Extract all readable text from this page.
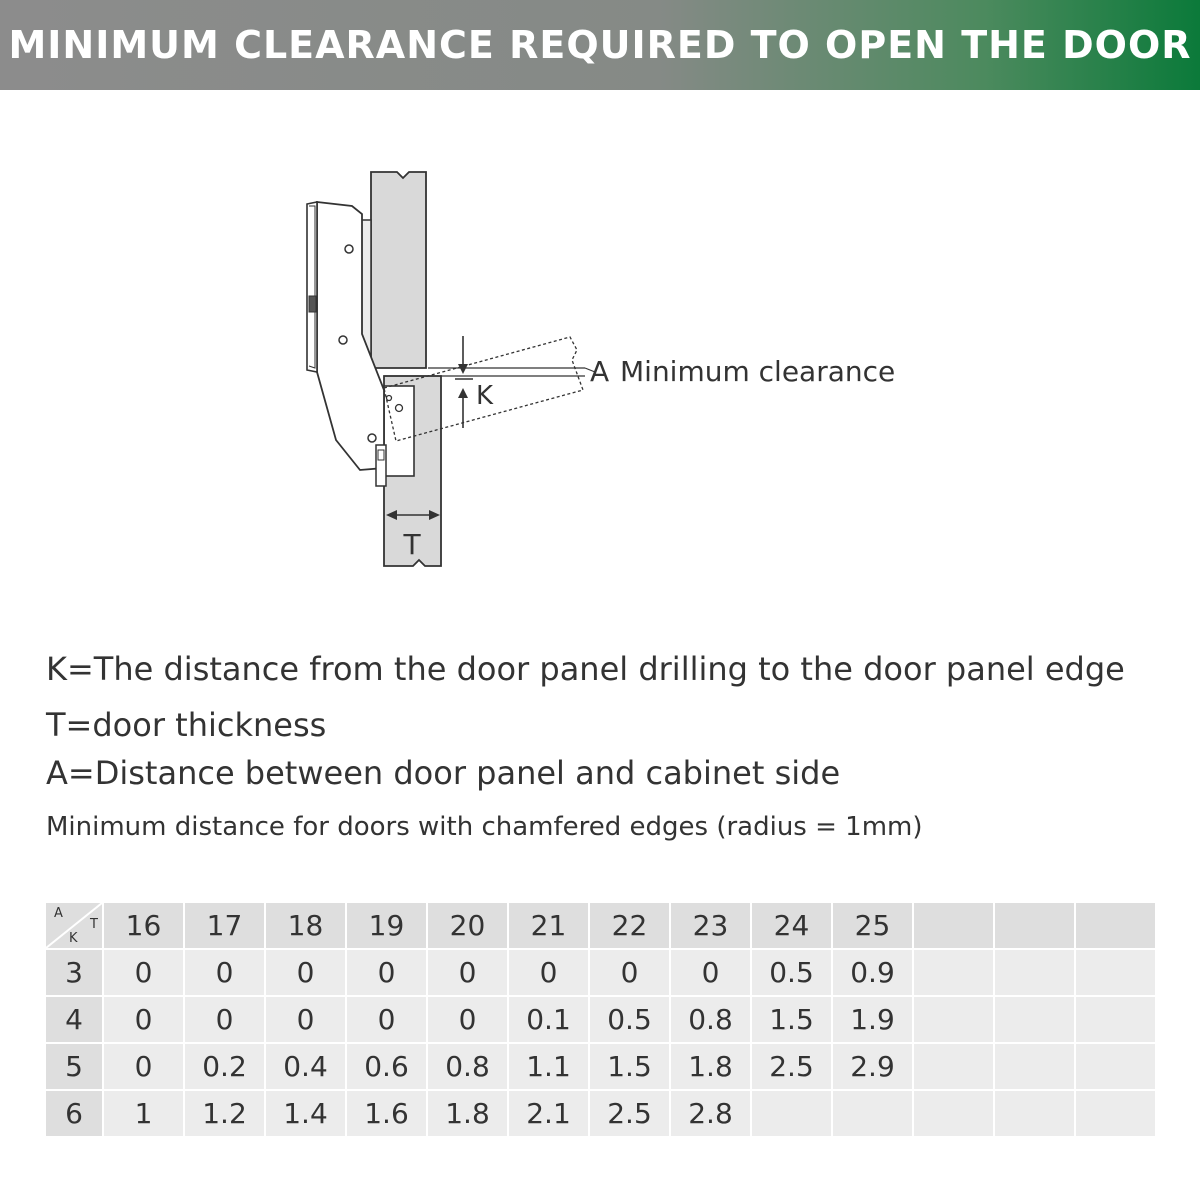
MINIMUM CLEARANCE REQUIRED TO OPEN THE DOOR
K
A Minimum clearance
T
K=The distance from the door panel drilling to the door panel edge
T=door thickness
A=Distance between door panel and cabinet side
Minimum distance for doors with chamfered edges (radius = 1mm)
A
T
K	16	17	18	19	20	21	22	23	24	25			
3	0	0	0	0	0	0	0	0	0.5	0.9			
4	0	0	0	0	0	0.1	0.5	0.8	1.5	1.9			
5	0	0.2	0.4	0.6	0.8	1.1	1.5	1.8	2.5	2.9			
6	1	1.2	1.4	1.6	1.8	2.1	2.5	2.8					
